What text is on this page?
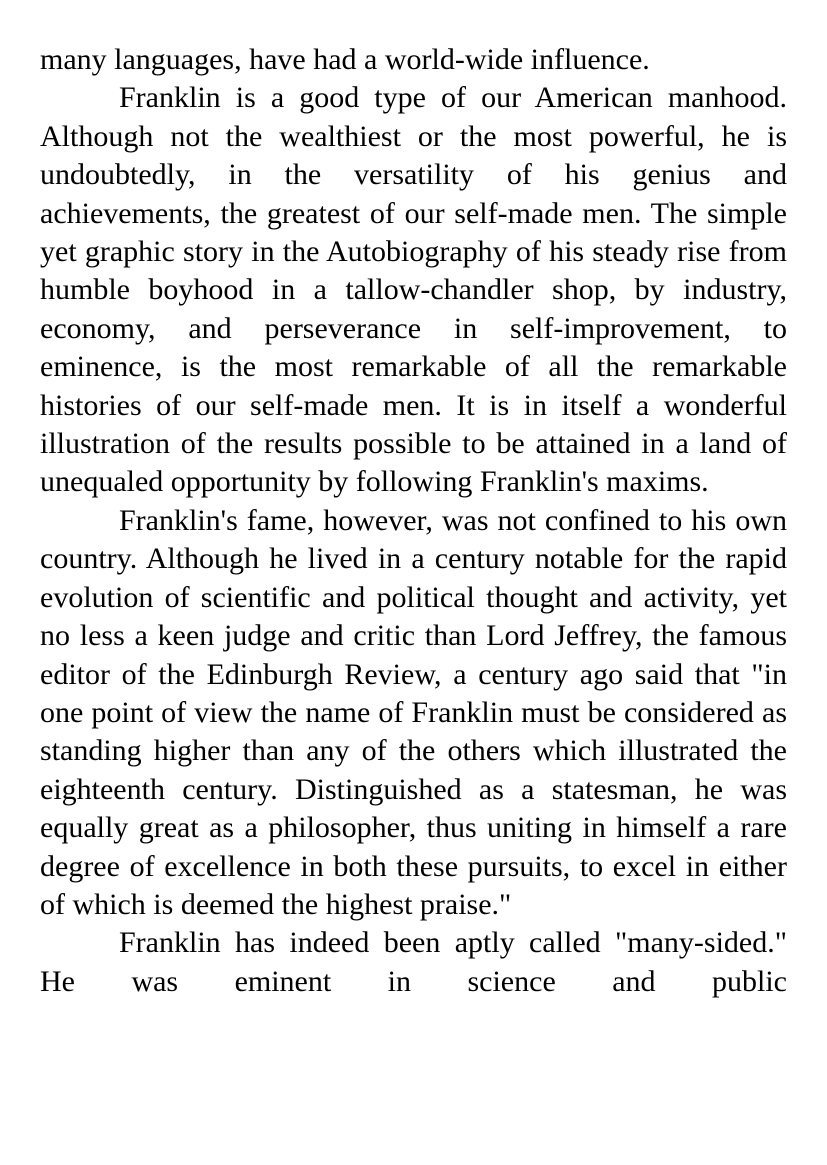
many languages, have had a world-wide influence.

Franklin is a good type of our American manhood. Although not the wealthiest or the most powerful, he is undoubtedly, in the versatility of his genius and achievements, the greatest of our self-made men. The simple yet graphic story in the Autobiography of his steady rise from humble boyhood in a tallow-chandler shop, by industry, economy, and perseverance in self-improvement, to eminence, is the most remarkable of all the remarkable histories of our self-made men. It is in itself a wonderful illustration of the results possible to be attained in a land of unequaled opportunity by following Franklin's maxims.

Franklin's fame, however, was not confined to his own country. Although he lived in a century notable for the rapid evolution of scientific and political thought and activity, yet no less a keen judge and critic than Lord Jeffrey, the famous editor of the Edinburgh Review, a century ago said that "in one point of view the name of Franklin must be considered as standing higher than any of the others which illustrated the eighteenth century. Distinguished as a statesman, he was equally great as a philosopher, thus uniting in himself a rare degree of excellence in both these pursuits, to excel in either of which is deemed the highest praise."

Franklin has indeed been aptly called "many-sided." He was eminent in science and public
